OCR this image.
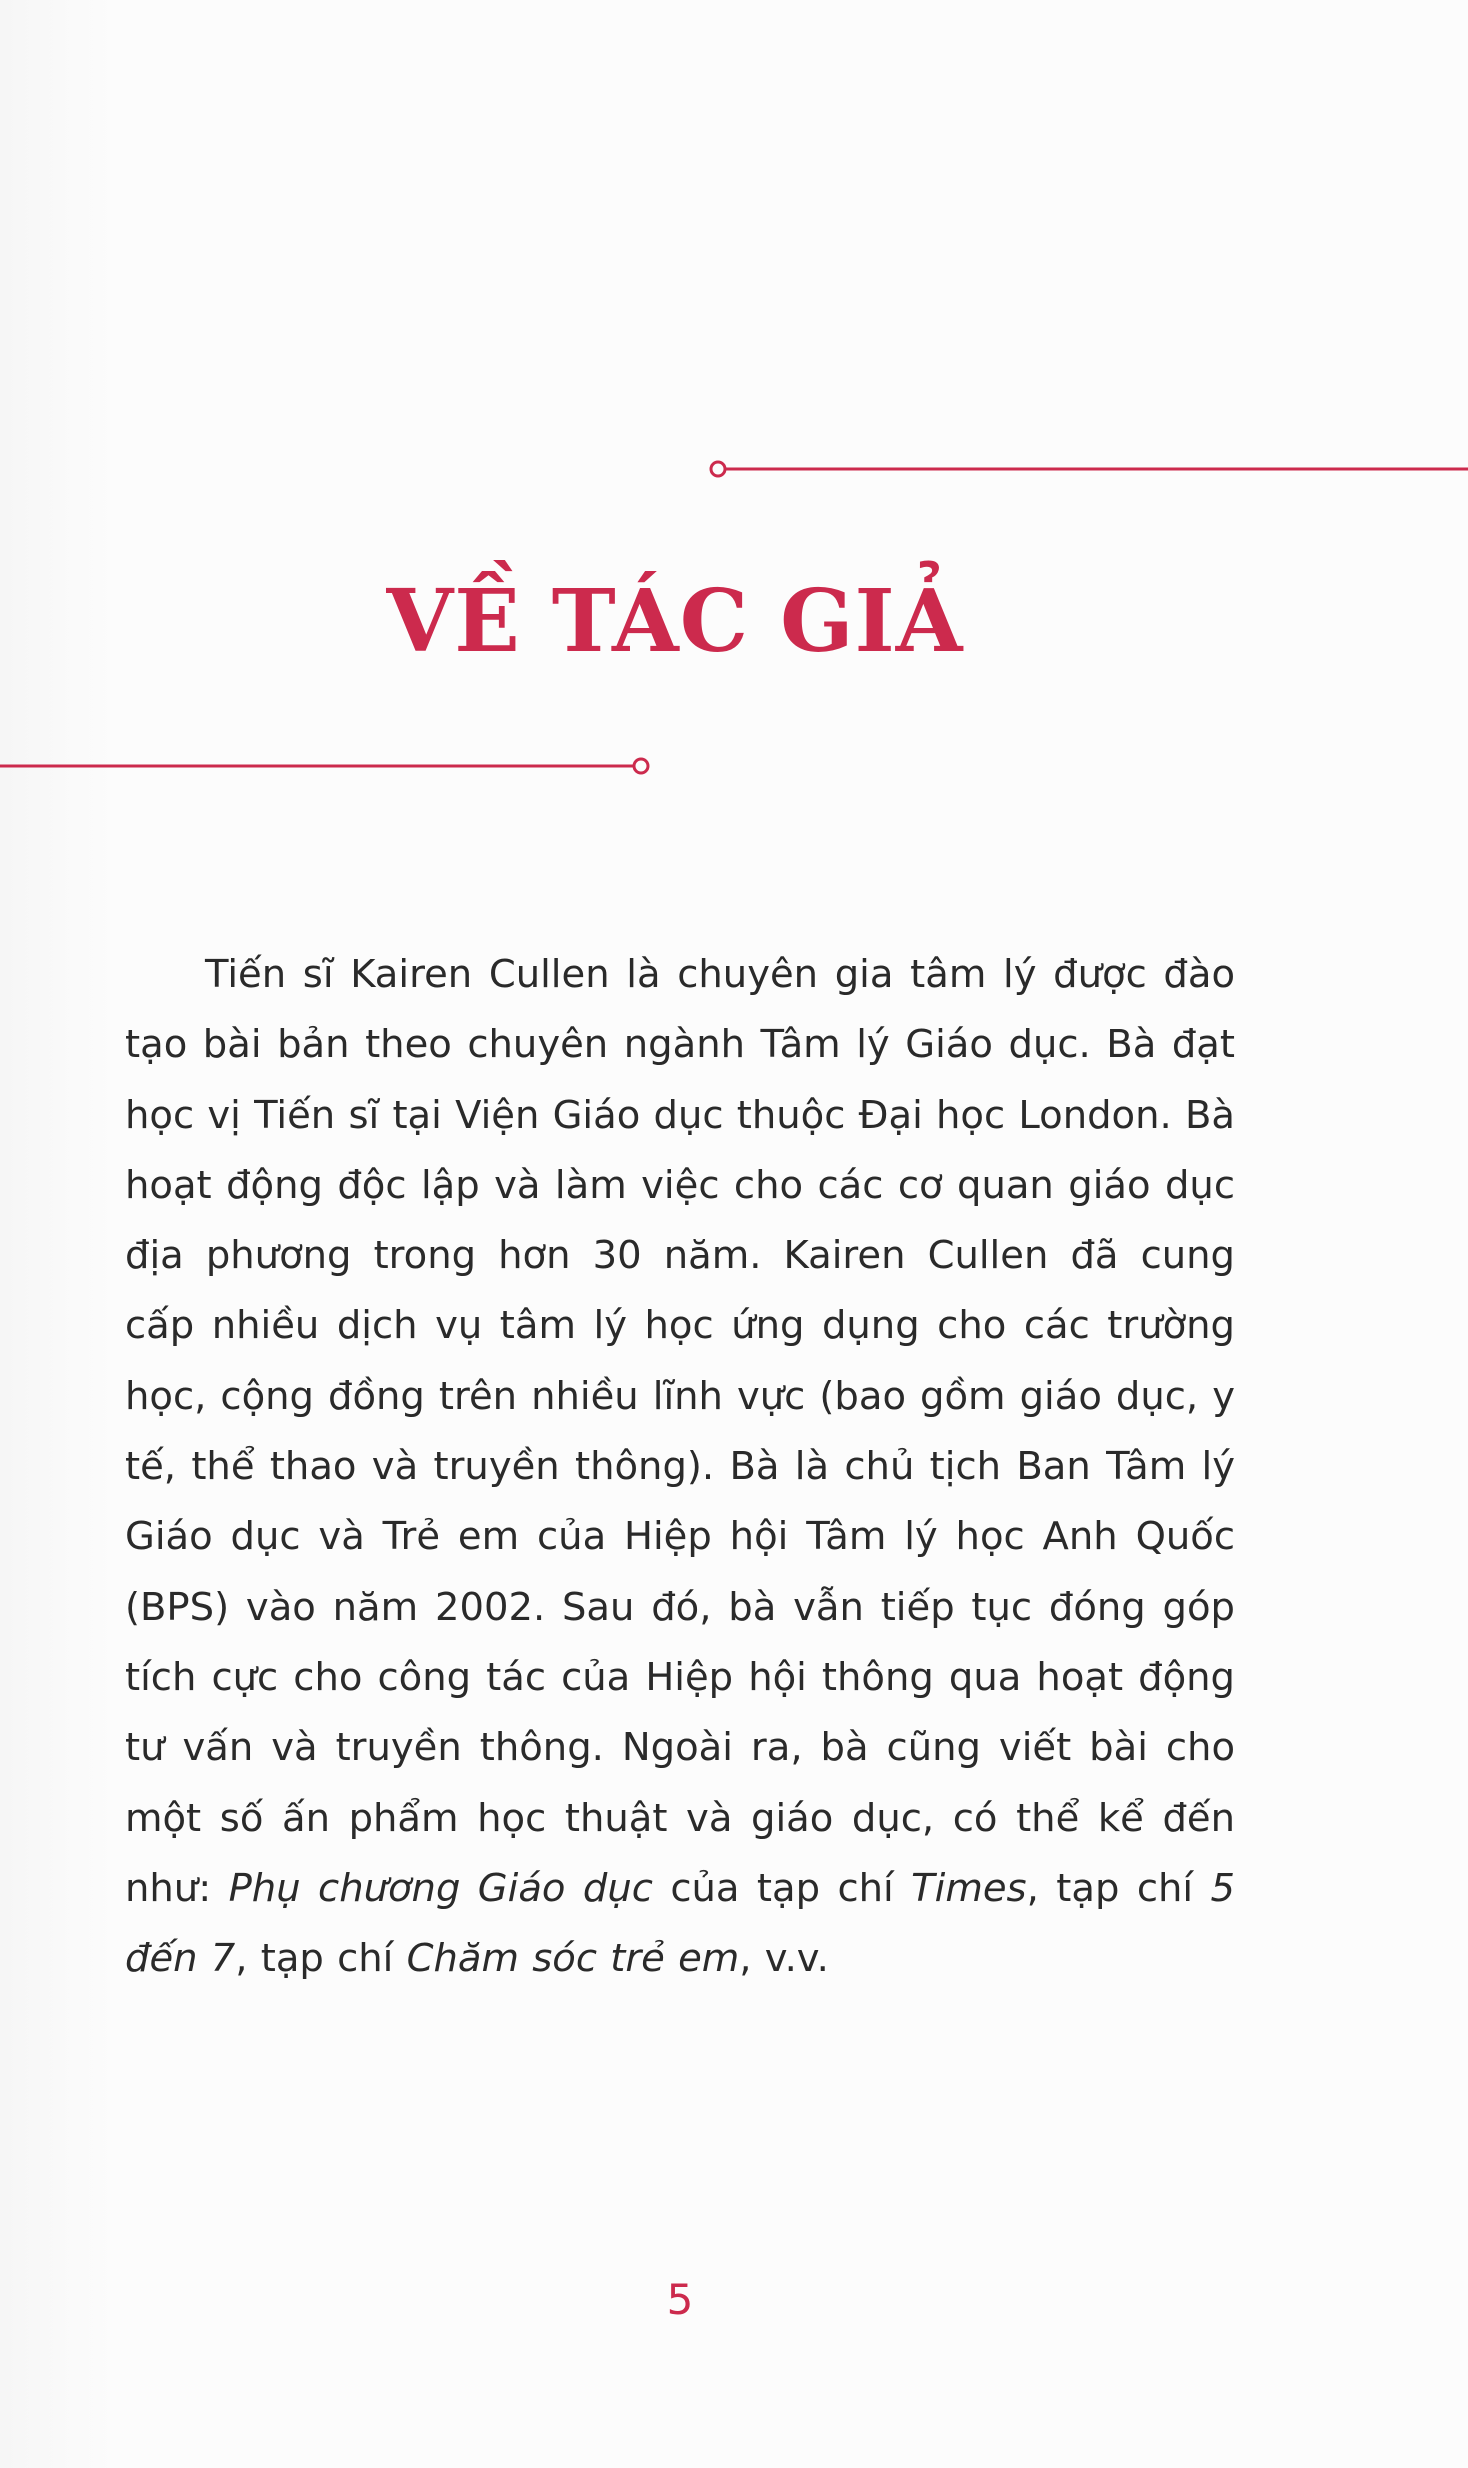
VỀ TÁC GIẢ

Tiến sĩ Kairen Cullen là chuyên gia tâm lý được đào tạo bài bản theo chuyên ngành Tâm lý Giáo dục. Bà đạt học vị Tiến sĩ tại Viện Giáo dục thuộc Đại học London. Bà hoạt động độc lập và làm việc cho các cơ quan giáo dục địa phương trong hơn 30 năm. Kairen Cullen đã cung cấp nhiều dịch vụ tâm lý học ứng dụng cho các trường học, cộng đồng trên nhiều lĩnh vực (bao gồm giáo dục, y tế, thể thao và truyền thông). Bà là chủ tịch Ban Tâm lý Giáo dục và Trẻ em của Hiệp hội Tâm lý học Anh Quốc (BPS) vào năm 2002. Sau đó, bà vẫn tiếp tục đóng góp tích cực cho công tác của Hiệp hội thông qua hoạt động tư vấn và truyền thông. Ngoài ra, bà cũng viết bài cho một số ấn phẩm học thuật và giáo dục, có thể kể đến như: Phụ chương Giáo dục của tạp chí Times, tạp chí 5 đến 7, tạp chí Chăm sóc trẻ em, v.v.

5
